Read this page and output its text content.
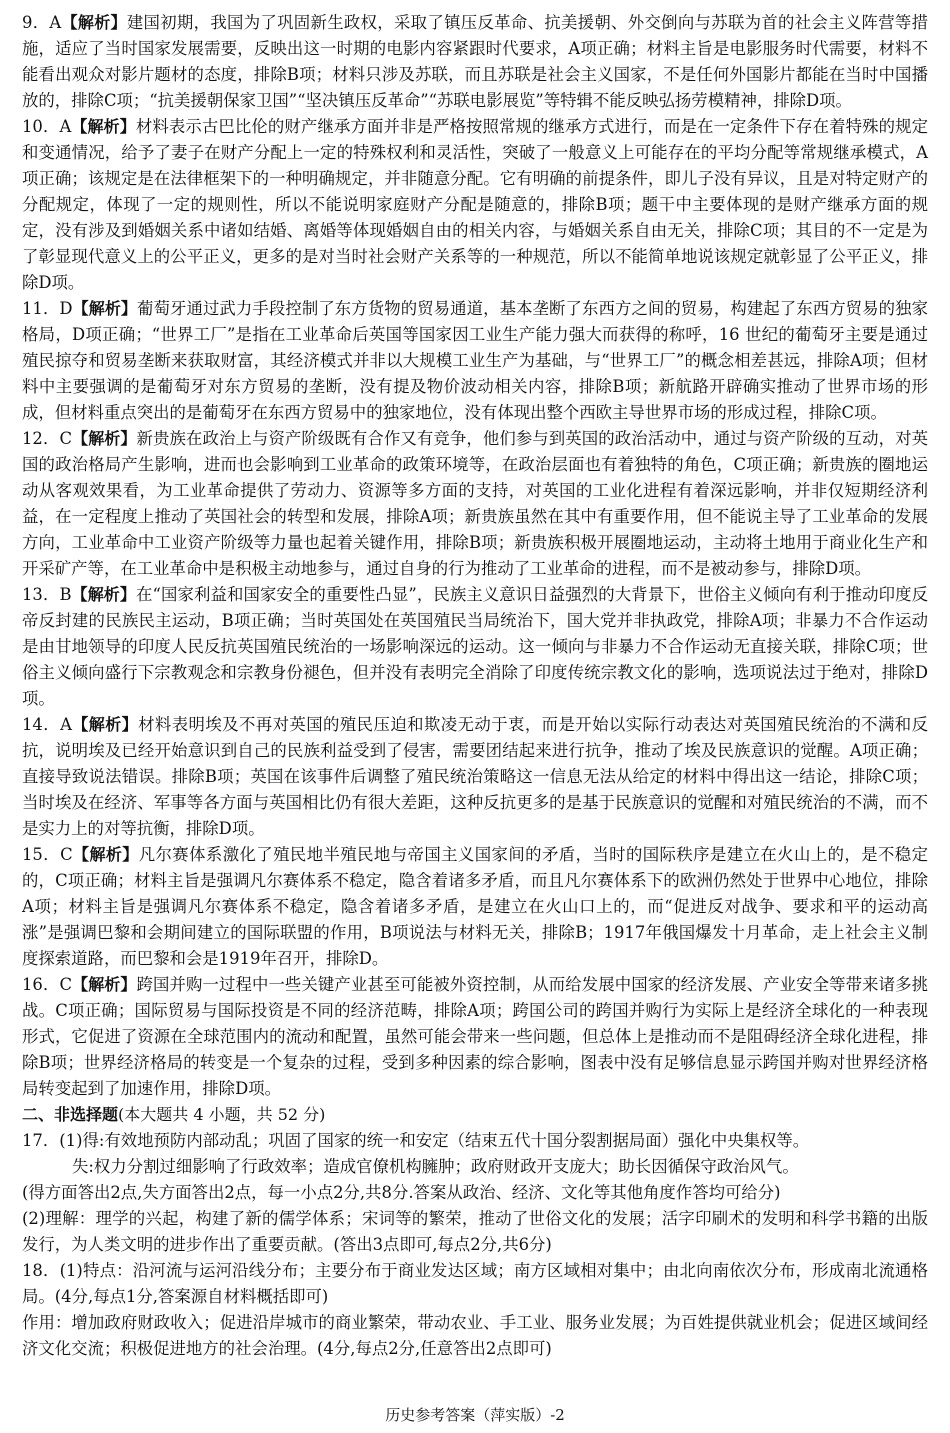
9．A【解析】建国初期，我国为了巩固新生政权，采取了镇压反革命、抗美援朝、外交倒向与苏联为首的社会主义阵营等措施，适应了当时国家发展需要，反映出这一时期的电影内容紧跟时代要求，A项正确；材料主旨是电影服务时代需要，材料不能看出观众对影片题材的态度，排除B项；材料只涉及苏联，而且苏联是社会主义国家，不是任何外国影片都能在当时中国播放的，排除C项；“抗美援朝保家卫国”“坚决镇压反革命”“苏联电影展览”等特辑不能反映弘扬劳模精神，排除D项。

10．A【解析】材料表示古巴比伦的财产继承方面并非是严格按照常规的继承方式进行，而是在一定条件下存在着特殊的规定和变通情况，给予了妻子在财产分配上一定的特殊权利和灵活性，突破了一般意义上可能存在的平均分配等常规继承模式，A项正确；该规定是在法律框架下的一种明确规定，并非随意分配。它有明确的前提条件，即儿子没有异议，且是对特定财产的分配规定，体现了一定的规则性，所以不能说明家庭财产分配是随意的，排除B项；题干中主要体现的是财产继承方面的规定，没有涉及到婚姻关系中诸如结婚、离婚等体现婚姻自由的相关内容，与婚姻关系自由无关，排除C项；其目的不一定是为了彰显现代意义上的公平正义，更多的是对当时社会财产关系等的一种规范，所以不能简单地说该规定就彰显了公平正义，排除D项。

11．D【解析】葡萄牙通过武力手段控制了东方货物的贸易通道，基本垄断了东西方之间的贸易，构建起了东西方贸易的独家格局，D项正确；“世界工厂”是指在工业革命后英国等国家因工业生产能力强大而获得的称呼，16 世纪的葡萄牙主要是通过殖民掠夺和贸易垄断来获取财富，其经济模式并非以大规模工业生产为基础，与“世界工厂”的概念相差甚远，排除A项；但材料中主要强调的是葡萄牙对东方贸易的垄断，没有提及物价波动相关内容，排除B项；新航路开辟确实推动了世界市场的形成，但材料重点突出的是葡萄牙在东西方贸易中的独家地位，没有体现出整个西欧主导世界市场的形成过程，排除C项。

12．C【解析】新贵族在政治上与资产阶级既有合作又有竞争，他们参与到英国的政治活动中，通过与资产阶级的互动，对英国的政治格局产生影响，进而也会影响到工业革命的政策环境等，在政治层面也有着独特的角色，C项正确；新贵族的圈地运动从客观效果看，为工业革命提供了劳动力、资源等多方面的支持，对英国的工业化进程有着深远影响，并非仅短期经济利益，在一定程度上推动了英国社会的转型和发展，排除A项；新贵族虽然在其中有重要作用，但不能说主导了工业革命的发展方向，工业革命中工业资产阶级等力量也起着关键作用，排除B项；新贵族积极开展圈地运动，主动将土地用于商业化生产和开采矿产等，在工业革命中是积极主动地参与，通过自身的行为推动了工业革命的进程，而不是被动参与，排除D项。

13．B【解析】在“国家利益和国家安全的重要性凸显”，民族主义意识日益强烈的大背景下，世俗主义倾向有利于推动印度反帝反封建的民族民主运动，B项正确；当时英国处在英国殖民当局统治下，国大党并非执政党，排除A项；非暴力不合作运动是由甘地领导的印度人民反抗英国殖民统治的一场影响深远的运动。这一倾向与非暴力不合作运动无直接关联，排除C项；世俗主义倾向盛行下宗教观念和宗教身份褪色，但并没有表明完全消除了印度传统宗教文化的影响，选项说法过于绝对，排除D项。

14．A【解析】材料表明埃及不再对英国的殖民压迫和欺凌无动于衷，而是开始以实际行动表达对英国殖民统治的不满和反抗，说明埃及已经开始意识到自己的民族利益受到了侵害，需要团结起来进行抗争，推动了埃及民族意识的觉醒。A项正确；直接导致说法错误。排除B项；英国在该事件后调整了殖民统治策略这一信息无法从给定的材料中得出这一结论，排除C项；当时埃及在经济、军事等各方面与英国相比仍有很大差距，这种反抗更多的是基于民族意识的觉醒和对殖民统治的不满，而不是实力上的对等抗衡，排除D项。

15．C【解析】凡尔赛体系激化了殖民地半殖民地与帝国主义国家间的矛盾，当时的国际秩序是建立在火山上的，是不稳定的，C项正确；材料主旨是强调凡尔赛体系不稳定，隐含着诸多矛盾，而且凡尔赛体系下的欧洲仍然处于世界中心地位，排除A项；材料主旨是强调凡尔赛体系不稳定，隐含着诸多矛盾，是建立在火山口上的，而“促进反对战争、要求和平的运动高涨”是强调巴黎和会期间建立的国际联盟的作用，B项说法与材料无关，排除B；1917年俄国爆发十月革命，走上社会主义制度探索道路，而巴黎和会是1919年召开，排除D。

16．C【解析】跨国并购一过程中一些关键产业甚至可能被外资控制，从而给发展中国家的经济发展、产业安全等带来诸多挑战。C项正确；国际贸易与国际投资是不同的经济范畴，排除A项；跨国公司的跨国并购行为实际上是经济全球化的一种表现形式，它促进了资源在全球范围内的流动和配置，虽然可能会带来一些问题，但总体上是推动而不是阻碍经济全球化进程，排除B项；世界经济格局的转变是一个复杂的过程，受到多种因素的综合影响，图表中没有足够信息显示跨国并购对世界经济格局转变起到了加速作用，排除D项。

二、非选择题(本大题共 4 小题，共 52 分)

17．(1)得:有效地预防内部动乱；巩固了国家的统一和安定（结束五代十国分裂割据局面）强化中央集权等。

失:权力分割过细影响了行政效率；造成官僚机构臃肿；政府财政开支庞大；助长因循保守政治风气。

(得方面答出2点,失方面答出2点，每一小点2分,共8分.答案从政治、经济、文化等其他角度作答均可给分)

(2)理解：理学的兴起，构建了新的儒学体系；宋词等的繁荣，推动了世俗文化的发展；活字印刷术的发明和科学书籍的出版发行，为人类文明的进步作出了重要贡献。(答出3点即可,每点2分,共6分)

18．(1)特点：沿河流与运河沿线分布；主要分布于商业发达区域；南方区域相对集中；由北向南依次分布，形成南北流通格局。(4分,每点1分,答案源自材料概括即可)

作用：增加政府财政收入；促进沿岸城市的商业繁荣，带动农业、手工业、服务业发展；为百姓提供就业机会；促进区域间经济文化交流；积极促进地方的社会治理。(4分,每点2分,任意答出2点即可)

历史参考答案（萍实版）-2
